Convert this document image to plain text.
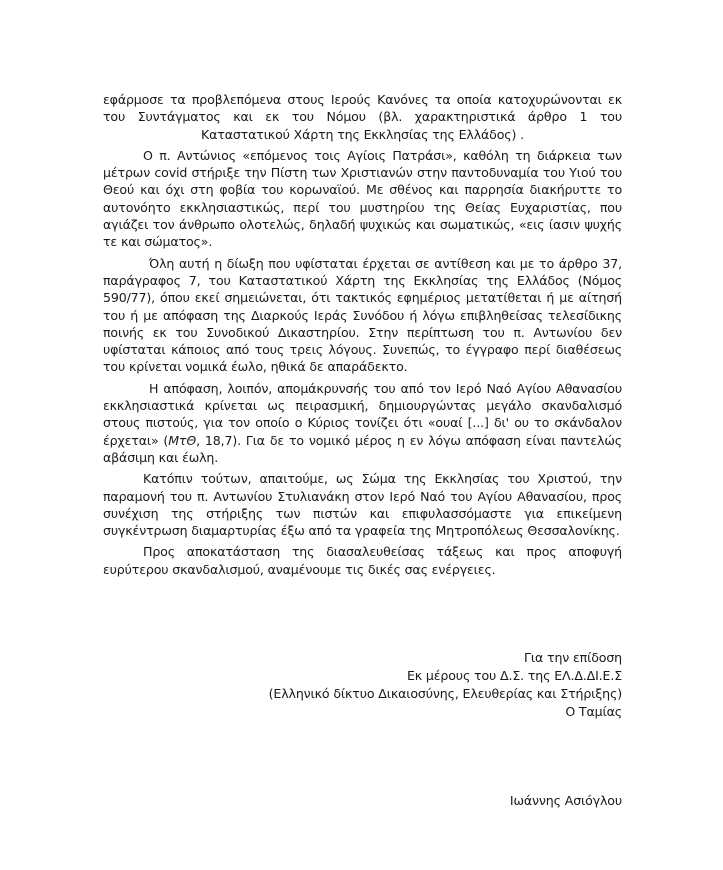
εφάρμοσε τα προβλεπόμενα στους Ιερούς Κανόνες τα οποία κατοχυρώνονται εκ του Συντάγματος και εκ του Νόμου (βλ. χαρακτηριστικά άρθρο 1 του Καταστατικού Χάρτη της Εκκλησίας της Ελλάδος) .

Ο π. Αντώνιος «επόμενος τοις Αγίοις Πατράσι», καθόλη τη διάρκεια των μέτρων covid στήριξε την Πίστη των Χριστιανών στην παντοδυναμία του Υιού του Θεού και όχι στη φοβία του κορωναϊού. Με σθένος και παρρησία διακήρυττε το αυτονόητο εκκλησιαστικώς, περί του μυστηρίου της Θείας Ευχαριστίας, που αγιάζει τον άνθρωπο ολοτελώς, δηλαδή ψυχικώς και σωματικώς, «εις ίασιν ψυχής τε και σώματος».

Όλη αυτή η δίωξη που υφίσταται έρχεται σε αντίθεση και με το άρθρο 37, παράγραφος 7, του Καταστατικού Χάρτη της Εκκλησίας της Ελλάδος (Νόμος 590/77), όπου εκεί σημειώνεται, ότι τακτικός εφημέριος μετατίθεται ή με αίτησή του ή με απόφαση της Διαρκούς Ιεράς Συνόδου ή λόγω επιβληθείσας τελεσίδικης ποινής εκ του Συνοδικού Δικαστηρίου. Στην περίπτωση του π. Αντωνίου δεν υφίσταται κάποιος από τους τρεις λόγους. Συνεπώς, το έγγραφο περί διαθέσεως του κρίνεται νομικά έωλο, ηθικά δε απαράδεκτο.

Η απόφαση, λοιπόν, απομάκρυνσής του από τον Ιερό Ναό Αγίου Αθανασίου εκκλησιαστικά κρίνεται ως πειρασμική, δημιουργώντας μεγάλο σκανδαλισμό στους πιστούς, για τον οποίο ο Κύριος τονίζει ότι «ουαί [...] δι' ου το σκάνδαλον έρχεται» (ΜτΘ, 18,7). Για δε το νομικό μέρος η εν λόγω απόφαση είναι παντελώς αβάσιμη και έωλη.

Κατόπιν τούτων, απαιτούμε, ως Σώμα της Εκκλησίας του Χριστού, την παραμονή του π. Αντωνίου Στυλιανάκη στον Ιερό Ναό του Αγίου Αθανασίου, προς συνέχιση της στήριξης των πιστών και επιφυλασσόμαστε για επικείμενη συγκέντρωση διαμαρτυρίας έξω από τα γραφεία της Μητροπόλεως Θεσσαλονίκης.

Προς αποκατάσταση της διασαλευθείσας τάξεως και προς αποφυγή ευρύτερου σκανδαλισμού, αναμένουμε τις δικές σας ενέργειες.

Για την επίδοση
Εκ μέρους του Δ.Σ. της ΕΛ.Δ.ΔΙ.Ε.Σ
(Ελληνικό δίκτυο Δικαιοσύνης, Ελευθερίας και Στήριξης)
Ο Ταμίας
Ιωάννης Ασιόγλου
